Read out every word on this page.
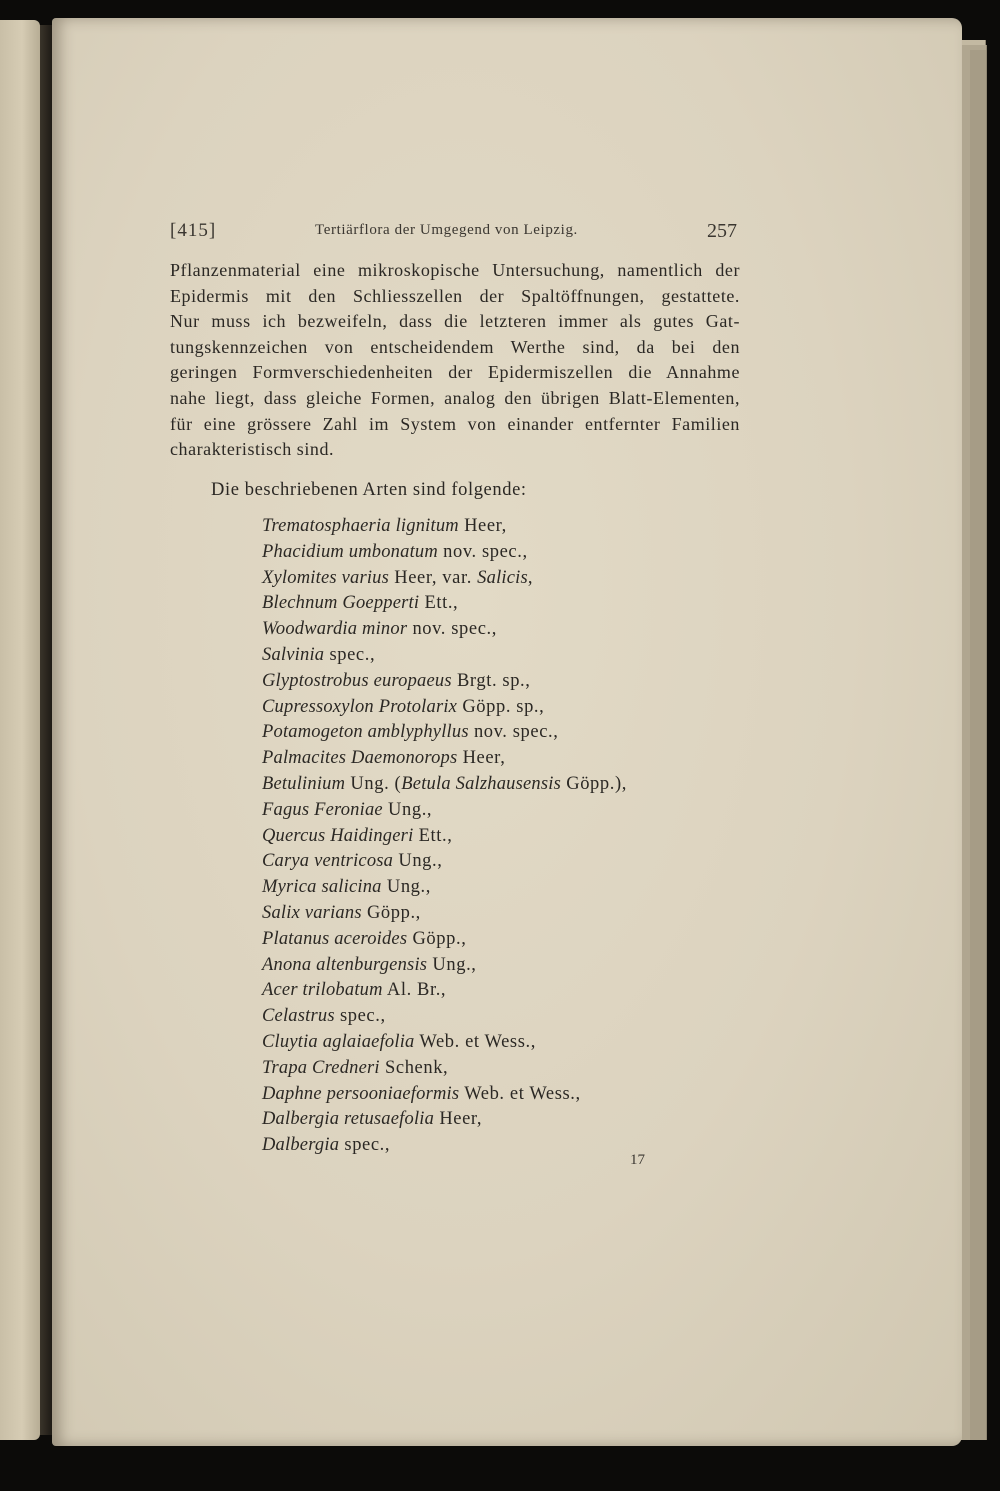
[415]	Tertiärflora der Umgegend von Leipzig.	257
Pflanzenmaterial eine mikroskopische Untersuchung, namentlich der
Epidermis mit den Schliesszellen der Spaltöffnungen, gestattete.
Nur muss ich bezweifeln, dass die letzteren immer als gutes Gat-
tungskennzeichen von entscheidendem Werthe sind, da bei den
geringen Formverschiedenheiten der Epidermiszellen die Annahme
nahe liegt, dass gleiche Formen, analog den übrigen Blatt-Elementen,
für eine grössere Zahl im System von einander entfernter Familien
charakteristisch sind.

Die beschriebenen Arten sind folgende:

Trematosphaeria lignitum Heer,
Phacidium umbonatum nov. spec.,
Xylomites varius Heer, var. Salicis,
Blechnum Goepperti Ett.,
Woodwardia minor nov. spec.,
Salvinia spec.,
Glyptostrobus europaeus Brgt. sp.,
Cupressoxylon Protolarix Göpp. sp.,
Potamogeton amblyphyllus nov. spec.,
Palmacites Daemonorops Heer,
Betulinium Ung. (Betula Salzhausensis Göpp.),
Fagus Feroniae Ung.,
Quercus Haidingeri Ett.,
Carya ventricosa Ung.,
Myrica salicina Ung.,
Salix varians Göpp.,
Platanus aceroides Göpp.,
Anona altenburgensis Ung.,
Acer trilobatum Al. Br.,
Celastrus spec.,
Cluytia aglaiaefolia Web. et Wess.,
Trapa Credneri Schenk,
Daphne persooniaeformis Web. et Wess.,
Dalbergia retusaefolia Heer,
Dalbergia spec.,
17
